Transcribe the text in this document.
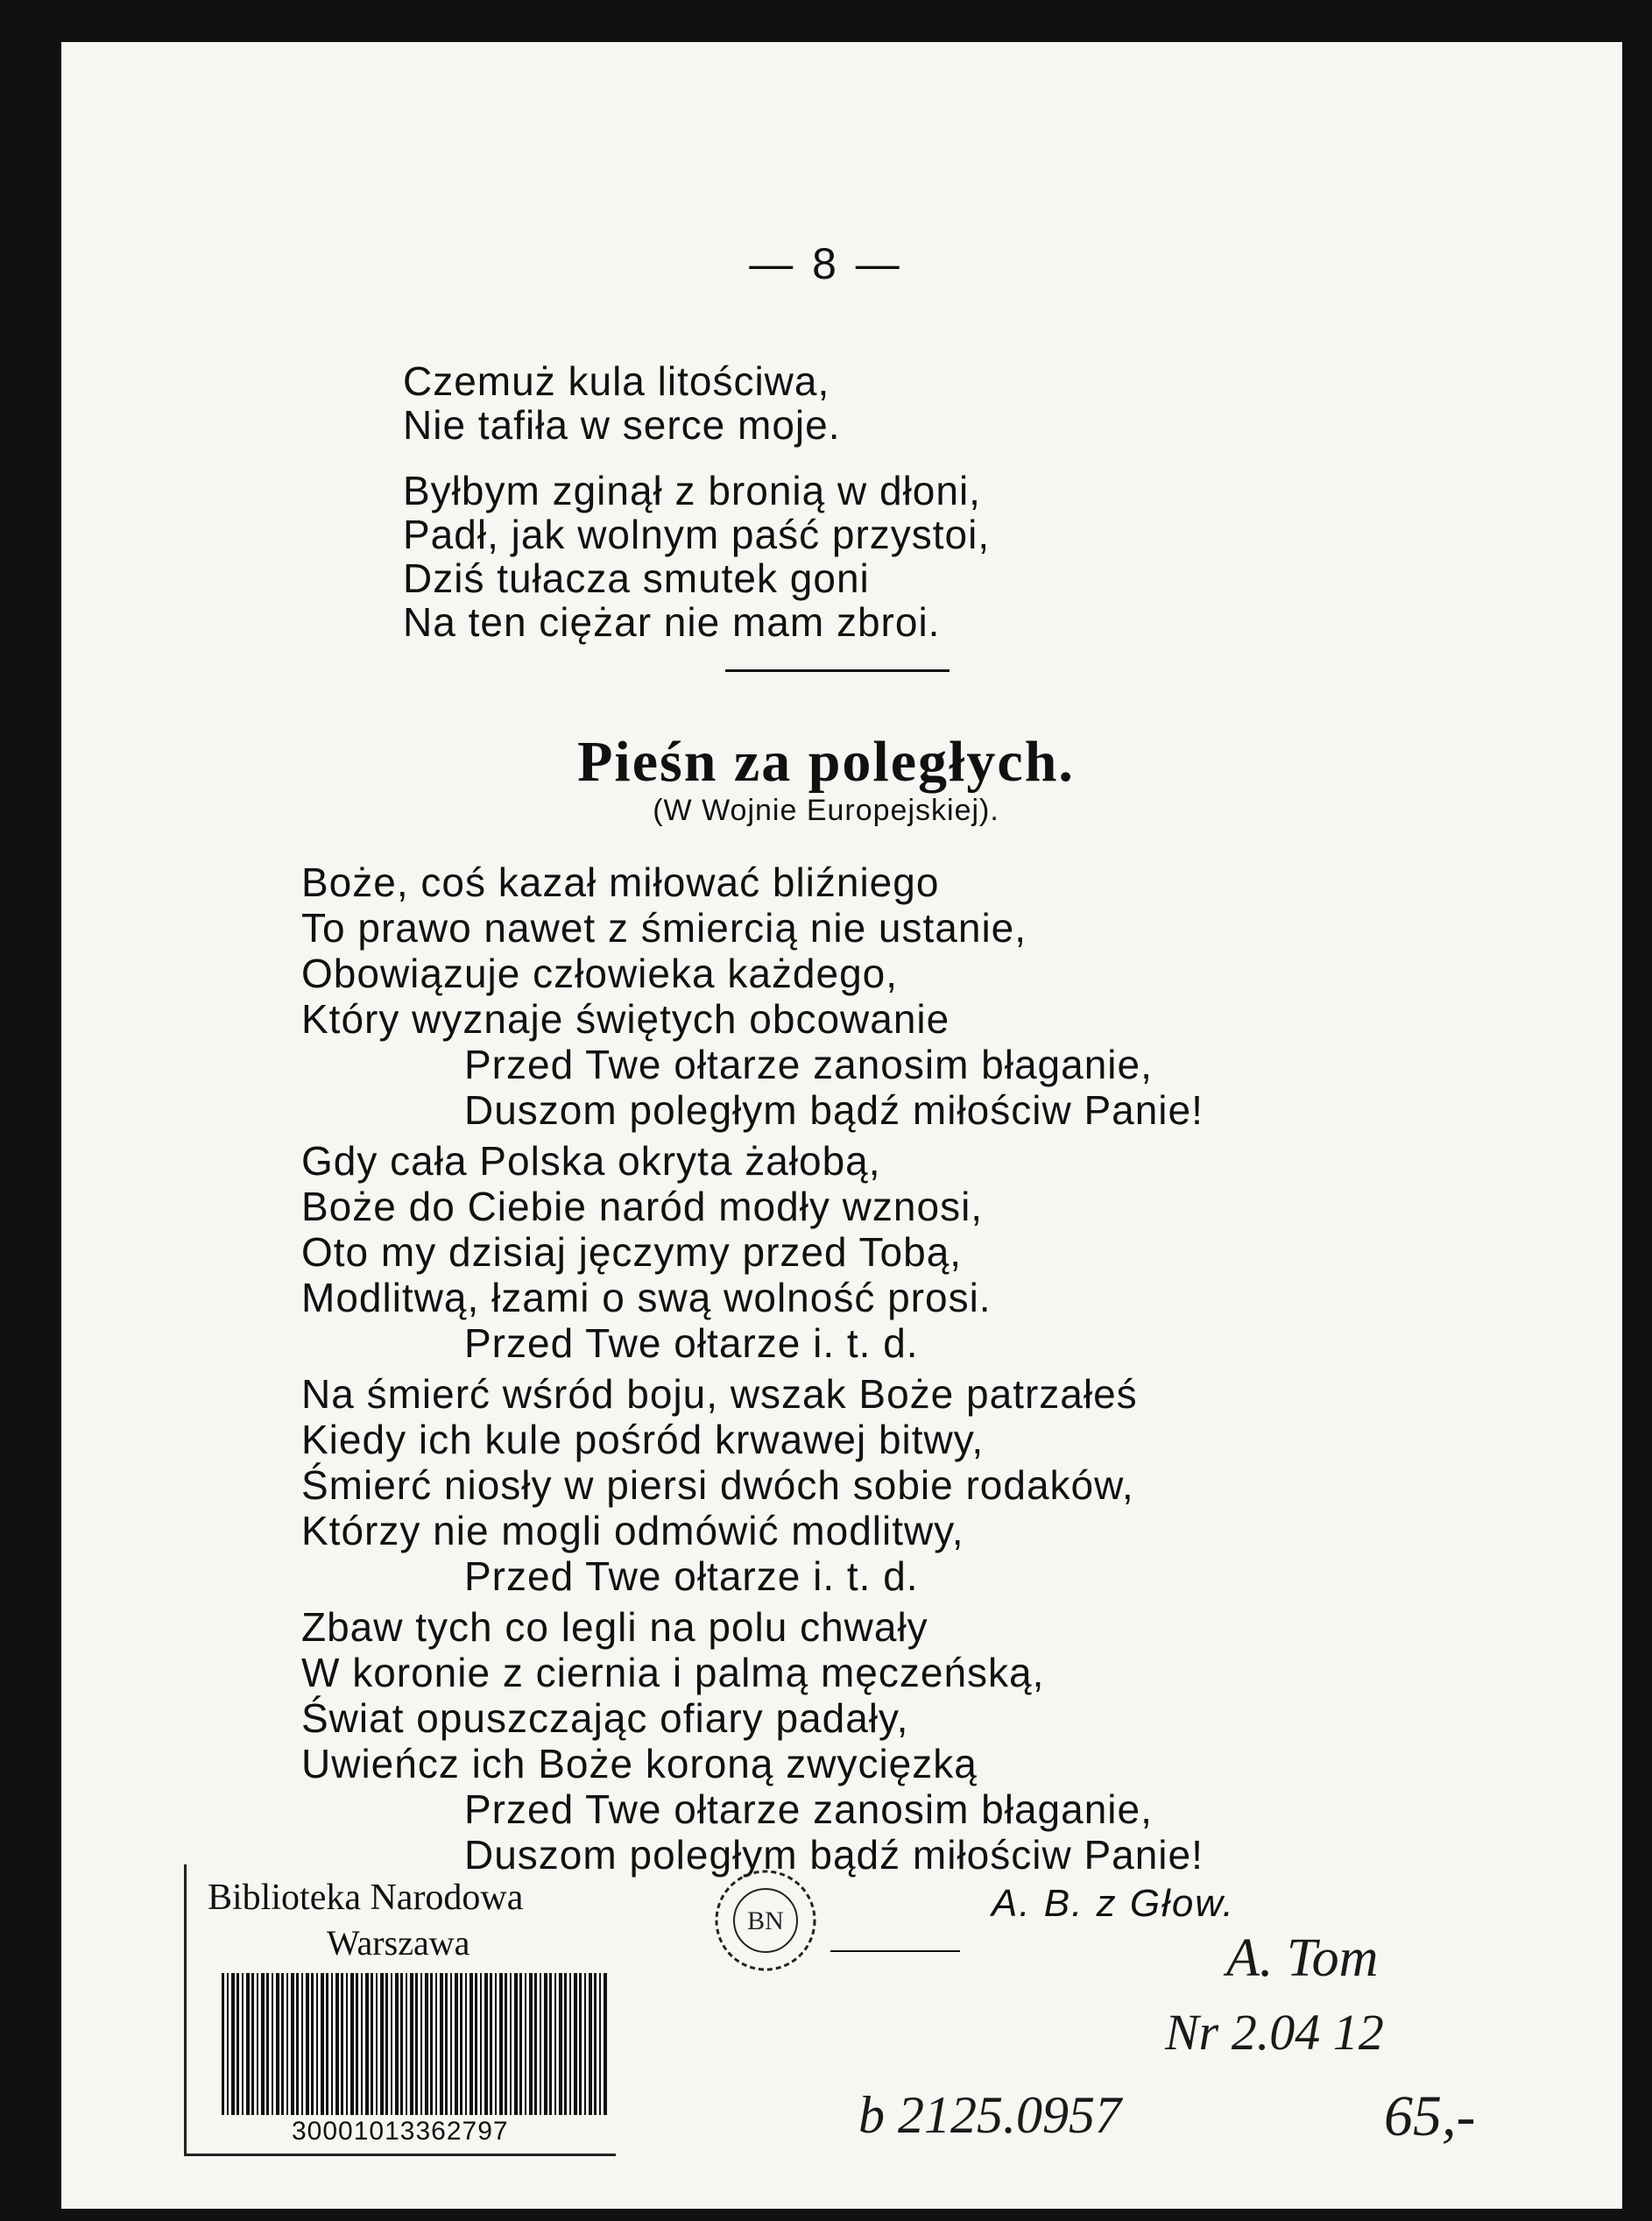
— 8 —
Czemuż kula litościwa,
Nie tafiła w serce moje.
Byłbym zginął z bronią w dłoni,
Padł, jak wolnym paść przystoi,
Dziś tułacza smutek goni
Na ten ciężar nie mam zbroi.
Pieśn za poległych.
(W Wojnie Europejskiej).
Boże, coś kazał miłować bliźniego
To prawo nawet z śmiercią nie ustanie,
Obowiązuje człowieka każdego,
Który wyznaje świętych obcowanie
Przed Twe ołtarze zanosim błaganie,
Duszom poległym bądź miłościw Panie!
Gdy cała Polska okryta żałobą,
Boże do Ciebie naród modły wznosi,
Oto my dzisiaj jęczymy przed Tobą,
Modlitwą, łzami o swą wolność prosi.
Przed Twe ołtarze i. t. d.
Na śmierć wśród boju, wszak Boże patrzałeś
Kiedy ich kule pośród krwawej bitwy,
Śmierć niosły w piersi dwóch sobie rodaków,
Którzy nie mogli odmówić modlitwy,
Przed Twe ołtarze i. t. d.
Zbaw tych co legli na polu chwały
W koronie z ciernia i palmą męczeńską,
Świat opuszczając ofiary padały,
Uwieńcz ich Boże koroną zwycięzką
Przed Twe ołtarze zanosim błaganie,
Duszom poległym bądź miłościw Panie!
A. B. z Głow.
Biblioteka Narodowa
Warszawa
30001013362797
BN
A. Tom
Nr 2.04 12
b 2125.0957	65,-
